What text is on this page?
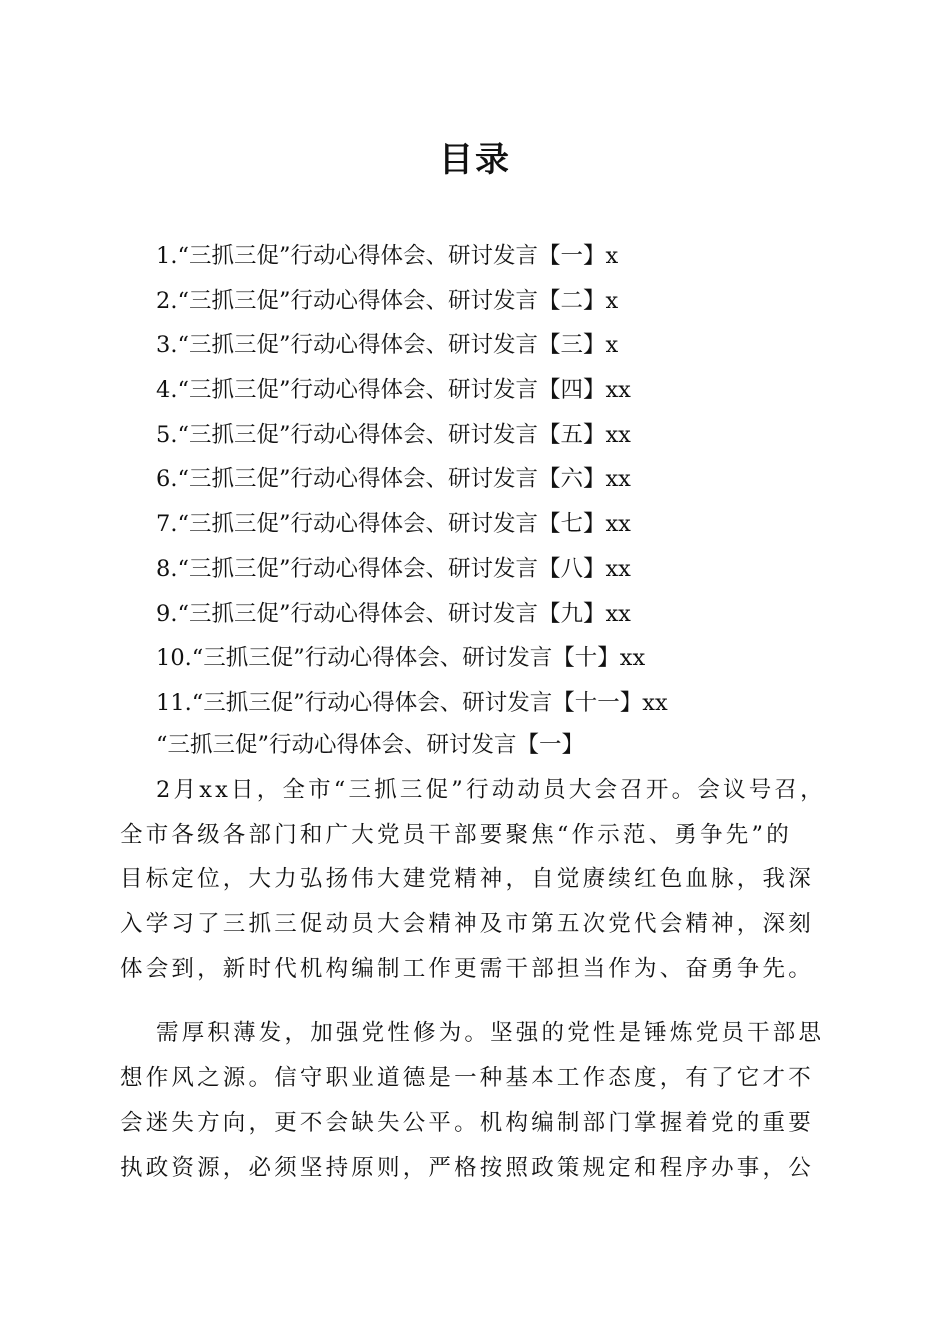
目录
1.“三抓三促”行动心得体会、研讨发言【一】x
2.“三抓三促”行动心得体会、研讨发言【二】x
3.“三抓三促”行动心得体会、研讨发言【三】x
4.“三抓三促”行动心得体会、研讨发言【四】xx
5.“三抓三促”行动心得体会、研讨发言【五】xx
6.“三抓三促”行动心得体会、研讨发言【六】xx
7.“三抓三促”行动心得体会、研讨发言【七】xx
8.“三抓三促”行动心得体会、研讨发言【八】xx
9.“三抓三促”行动心得体会、研讨发言【九】xx
10.“三抓三促”行动心得体会、研讨发言【十】xx
11.“三抓三促”行动心得体会、研讨发言【十一】xx
“三抓三促”行动心得体会、研讨发言【一】
2月xx日，全市“三抓三促”行动动员大会召开。会议号召，
全市各级各部门和广大党员干部要聚焦“作示范、勇争先”的
目标定位，大力弘扬伟大建党精神，自觉赓续红色血脉，我深
入学习了三抓三促动员大会精神及市第五次党代会精神，深刻
体会到，新时代机构编制工作更需干部担当作为、奋勇争先。
需厚积薄发，加强党性修为。坚强的党性是锤炼党员干部思
想作风之源。信守职业道德是一种基本工作态度，有了它才不
会迷失方向，更不会缺失公平。机构编制部门掌握着党的重要
执政资源，必须坚持原则，严格按照政策规定和程序办事，公
